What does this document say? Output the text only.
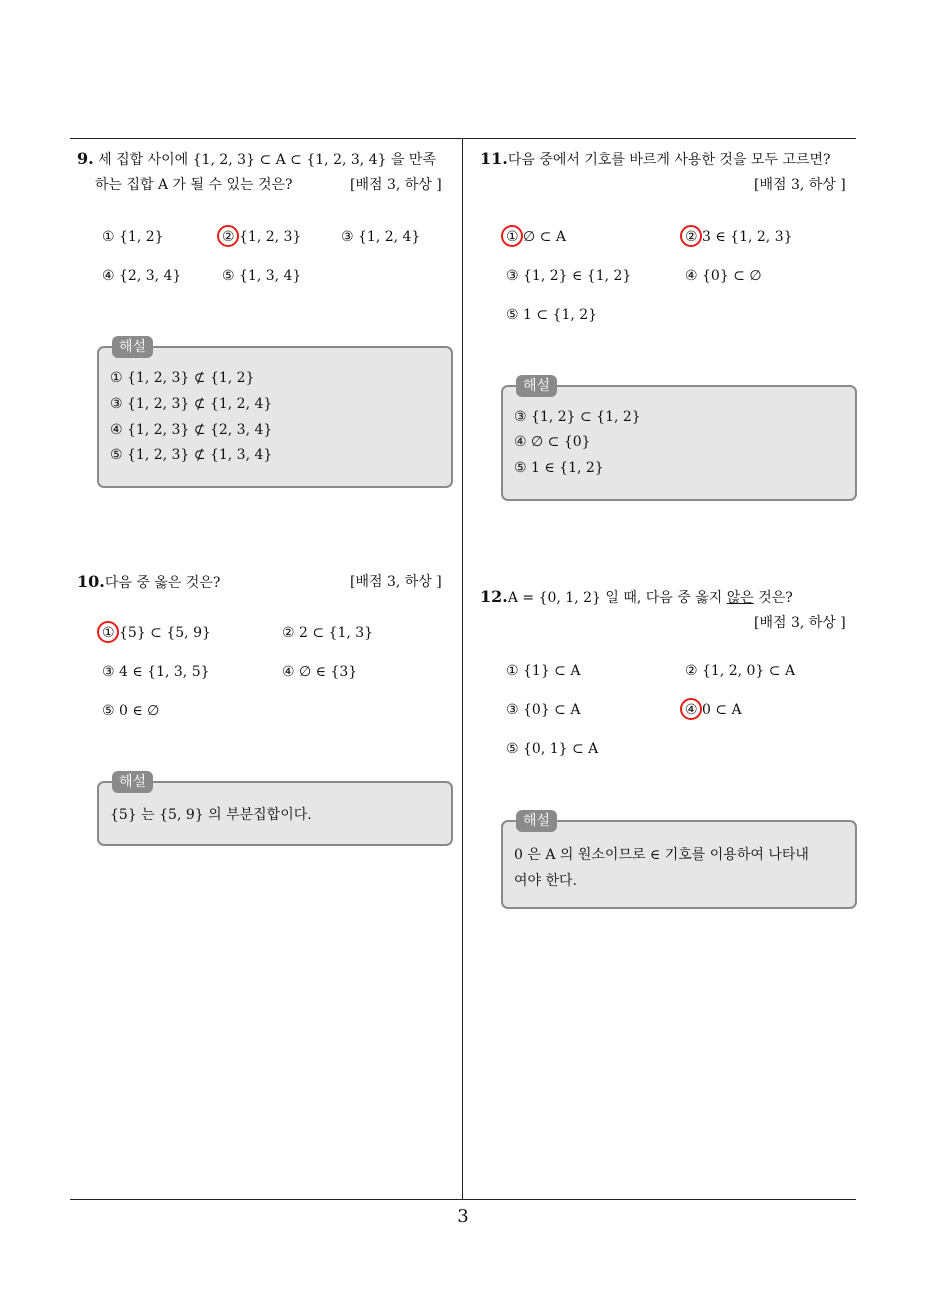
9. 세 집합 사이에 {1, 2, 3} ⊂ A ⊂ {1, 2, 3, 4} 을 만족
하는 집합 A 가 될 수 있는 것은?	[배점 3, 하상 ]
① {1, 2}	② {1, 2, 3}	③ {1, 2, 4}
④ {2, 3, 4}	⑤ {1, 3, 4}
해설
① {1, 2, 3} ⊄ {1, 2}
③ {1, 2, 3} ⊄ {1, 2, 4}
④ {1, 2, 3} ⊄ {2, 3, 4}
⑤ {1, 2, 3} ⊄ {1, 3, 4}
10.다음 중 옳은 것은?	[배점 3, 하상 ]
① {5} ⊂ {5, 9}	② 2 ⊂ {1, 3}
③ 4 ∈ {1, 3, 5}	④ ∅ ∈ {3}
⑤ 0 ∈ ∅
해설
{5} 는 {5, 9} 의 부분집합이다.
11.다음 중에서 기호를 바르게 사용한 것을 모두 고르면?
[배점 3, 하상 ]
① ∅ ⊂ A	② 3 ∈ {1, 2, 3}
③ {1, 2} ∈ {1, 2}	④ {0} ⊂ ∅
⑤ 1 ⊂ {1, 2}
해설
③ {1, 2} ⊂ {1, 2}
④ ∅ ⊂ {0}
⑤ 1 ∈ {1, 2}
12.A = {0, 1, 2} 일 때, 다음 중 옳지 않은 것은?
[배점 3, 하상 ]
① {1} ⊂ A	② {1, 2, 0} ⊂ A
③ {0} ⊂ A	④ 0 ⊂ A
⑤ {0, 1} ⊂ A
해설
0 은 A 의 원소이므로 ∈ 기호를 이용하여 나타내
여야 한다.
3
